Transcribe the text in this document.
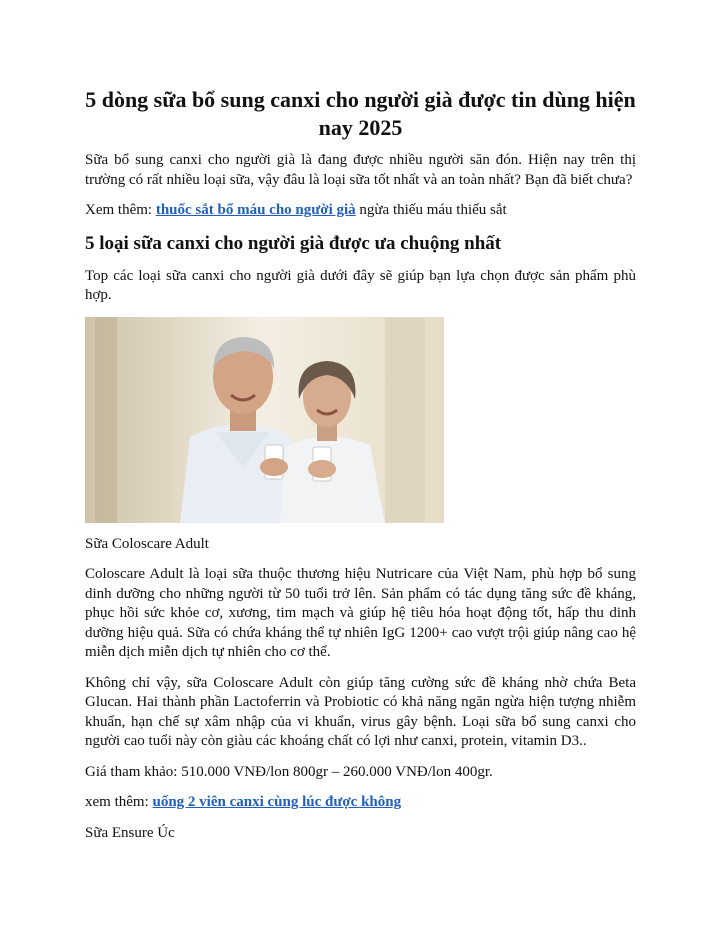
5 dòng sữa bổ sung canxi cho người già được tin dùng hiện nay 2025

Sữa bổ sung canxi cho người già là đang được nhiều người săn đón. Hiện nay trên thị trường có rất nhiều loại sữa, vậy đâu là loại sữa tốt nhất và an toàn nhất? Bạn đã biết chưa?

Xem thêm: thuốc sắt bổ máu cho người già ngừa thiếu máu thiếu sắt

5 loại sữa canxi cho người già được ưa chuộng nhất

Top các loại sữa canxi cho người già dưới đây sẽ giúp bạn lựa chọn được sản phẩm phù hợp.

Sữa Coloscare Adult

Coloscare Adult là loại sữa thuộc thương hiệu Nutricare của Việt Nam, phù hợp bổ sung dinh dưỡng cho những người từ 50 tuổi trở lên. Sản phẩm có tác dụng tăng sức đề kháng, phục hồi sức khỏe cơ, xương, tim mạch và giúp hệ tiêu hóa hoạt động tốt, hấp thu dinh dưỡng hiệu quả. Sữa có chứa kháng thể tự nhiên IgG 1200+ cao vượt trội giúp nâng cao hệ miễn dịch miễn dịch tự nhiên cho cơ thể.

Không chỉ vậy, sữa Coloscare Adult còn giúp tăng cường sức đề kháng nhờ chứa Beta Glucan. Hai thành phần Lactoferrin và Probiotic có khả năng ngăn ngừa hiện tượng nhiễm khuẩn, hạn chế sự xâm nhập của vi khuẩn, virus gây bệnh. Loại sữa bổ sung canxi cho người cao tuổi này còn giàu các khoáng chất có lợi như canxi, protein, vitamin D3..

Giá tham khảo: 510.000 VNĐ/lon 800gr – 260.000 VNĐ/lon 400gr.

xem thêm: uống 2 viên canxi cùng lúc được không

Sữa Ensure Úc
